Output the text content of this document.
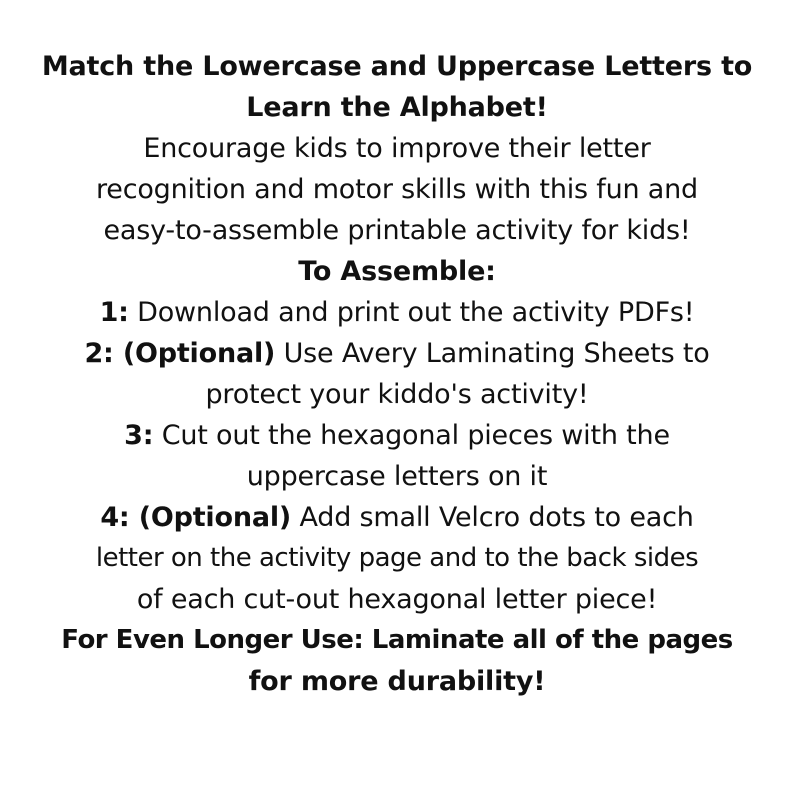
Match the Lowercase and Uppercase Letters to
Learn the Alphabet!
Encourage kids to improve their letter
recognition and motor skills with this fun and
easy-to-assemble printable activity for kids!
To Assemble:
1: Download and print out the activity PDFs!
2: (Optional) Use Avery Laminating Sheets to
protect your kiddo's activity!
3: Cut out the hexagonal pieces with the
uppercase letters on it
4: (Optional) Add small Velcro dots to each
letter on the activity page and to the back sides
of each cut-out hexagonal letter piece!
For Even Longer Use: Laminate all of the pages
for more durability!
